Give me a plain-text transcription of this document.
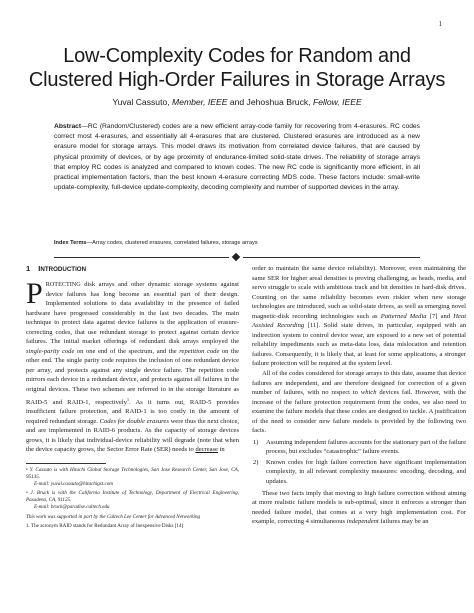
1
Low-Complexity Codes for Random and
Clustered High-Order Failures in Storage Arrays
Yuval Cassuto, Member, IEEE and Jehoshua Bruck, Fellow, IEEE
Abstract—RC (Random/Clustered) codes are a new efficient array-code family for recovering from 4-erasures. RC codes correct most 4-erasures, and essentially all 4-erasures that are clustered. Clustered erasures are introduced as a new erasure model for storage arrays. This model draws its motivation from correlated device failures, that are caused by physical proximity of devices, or by age proximity of endurance-limited solid-state drives. The reliability of storage arrays that employ RC codes is analyzed and compared to known codes. The new RC code is significantly more efficient, in all practical implementation factors, than the best known 4-erasure correcting MDS code. These factors include: small-write update-complexity, full-device update-complexity, decoding complexity and number of supported devices in the array.
Index Terms—Array codes, clustered erasures, correlated failures, storage arrays
1 INTRODUCTION

PROTECTING disk arrays and other dynamic storage systems against device failures has long become an essential part of their design. Implemented solutions to data availability in the presence of failed hardware have progressed considerably in the last two decades. The main technique to protect data against device failures is the application of erasure-correcting codes, that use redundant storage to protect against certain device failures. The initial market offerings of redundant disk arrays employed the single-parity code on one end of the spectrum, and the repetition code on the other end. The single parity code requires the inclusion of one redundant device per array, and protects against any single device failure. The repetition code mirrors each device in a redundant device, and protects against all failures in the original devices. These two schemes are referred to in the storage literature as RAID-5 and RAID-1, respectively$^1$. As it turns out, RAID-5 provides insufficient failure protection, and RAID-1 is too costly in the amount of required redundant storage. Codes for double erasures were thus the next choice, and are implemented in RAID-6 products. As the capacity of storage devices grows, it is likely that individual-device reliability will degrade (note that when the device capacity grows, the Sector Error Rate (SER) needs to decrease in

• Y. Cassuto is with Hitachi Global Storage Technologies, San Jose Research Center, San Jose, CA, 95135.
E-mail: yuval.cassuto@hitachigst.com

• J. Bruck is with the California Institute of Technology, Department of Electrical Engineering, Pasadena, CA, 91125.
E-mail: bruck@paradise.caltech.edu

This work was supported in part by the Caltech Lee Center for Advanced Networking

1. The acronym RAID stands for Redundant Array of Inexpensive Disks [14]

order to maintain the same device reliability). Moreover, even maintaining the same SER for higher areal densities is proving challenging, as heads, media, and servo struggle to scale with ambitious track and bit densities in hard-disk drives. Counting on the same reliability becomes even riskier when new storage technologies are introduced, such as solid-state drives, as well as emerging novel magnetic-disk recording technologies such as Patterned Media [7] and Heat Assisted Recording [11]. Solid state drives, in particular, equipped with an indirection system to control device wear, are exposed to a new set of potential reliability impediments such as meta-data loss, data mislocation and retention failures. Consequently, it is likely that, at least for some applications, a stronger failure protection will be required at the system level.

All of the codes considered for storage arrays to this date, assume that device failures are independent, and are therefore designed for correction of a given number of failures, with no respect to which devices fail. However, with the increase of the failure protection requirement from the codes, we also need to examine the failure models that these codes are designed to tackle. A justification of the need to consider new failure models is provided by the following two facts.

1) Assuming independent failures accounts for the stationary part of the failure process, but excludes “catastrophic” failure events.
2) Known codes for high failure correction have significant implementation complexity, in all relevant complexity measures: encoding, decoding, and updates.

These two facts imply that moving to high failure correction without aiming at more realistic failure models is sub-optimal, since it enforces a stronger than needed failure model, that comes at a very high implementation cost. For example, correcting 4 simultaneous independent failures may be an
